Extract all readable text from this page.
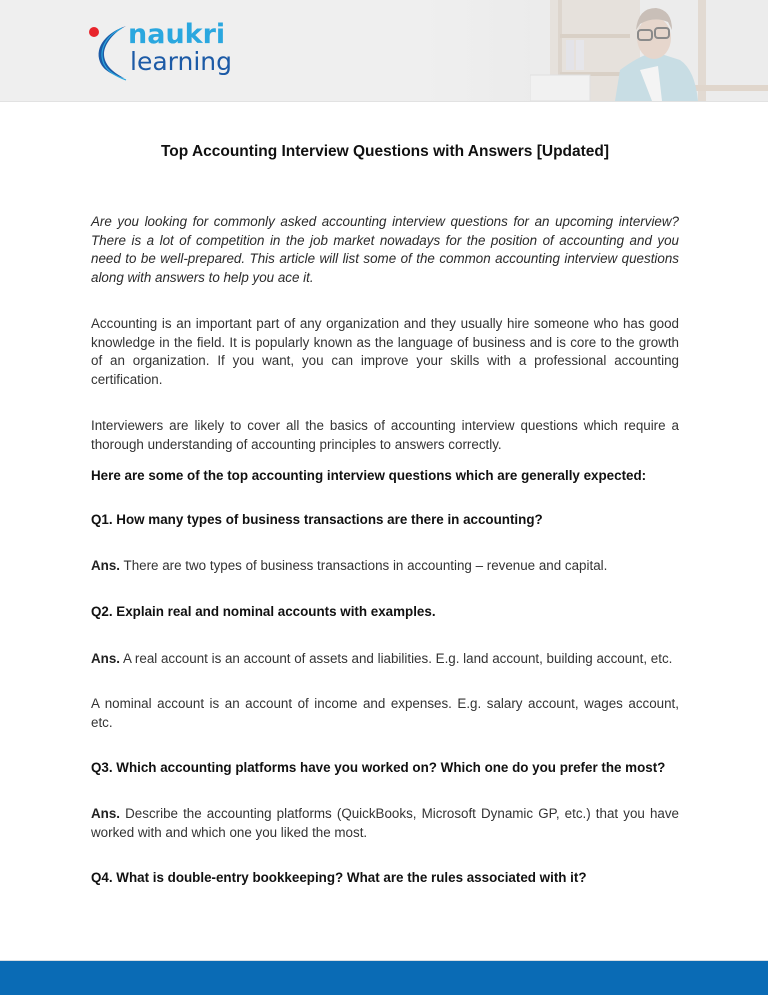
naukri
learning
Top Accounting Interview Questions with Answers [Updated]
Are you looking for commonly asked accounting interview questions for an upcoming interview? There is a lot of competition in the job market nowadays for the position of accounting and you need to be well-prepared. This article will list some of the common accounting interview questions along with answers to help you ace it.
Accounting is an important part of any organization and they usually hire someone who has good knowledge in the field. It is popularly known as the language of business and is core to the growth of an organization. If you want, you can improve your skills with a professional accounting certification.
Interviewers are likely to cover all the basics of accounting interview questions which require a thorough understanding of accounting principles to answers correctly.
Here are some of the top accounting interview questions which are generally expected:
Q1. How many types of business transactions are there in accounting?
Ans. There are two types of business transactions in accounting – revenue and capital.
Q2. Explain real and nominal accounts with examples.
Ans. A real account is an account of assets and liabilities. E.g. land account, building account, etc.
A nominal account is an account of income and expenses. E.g. salary account, wages account, etc.
Q3. Which accounting platforms have you worked on? Which one do you prefer the most?
Ans. Describe the accounting platforms (QuickBooks, Microsoft Dynamic GP, etc.) that you have worked with and which one you liked the most.
Q4. What is double-entry bookkeeping? What are the rules associated with it?
